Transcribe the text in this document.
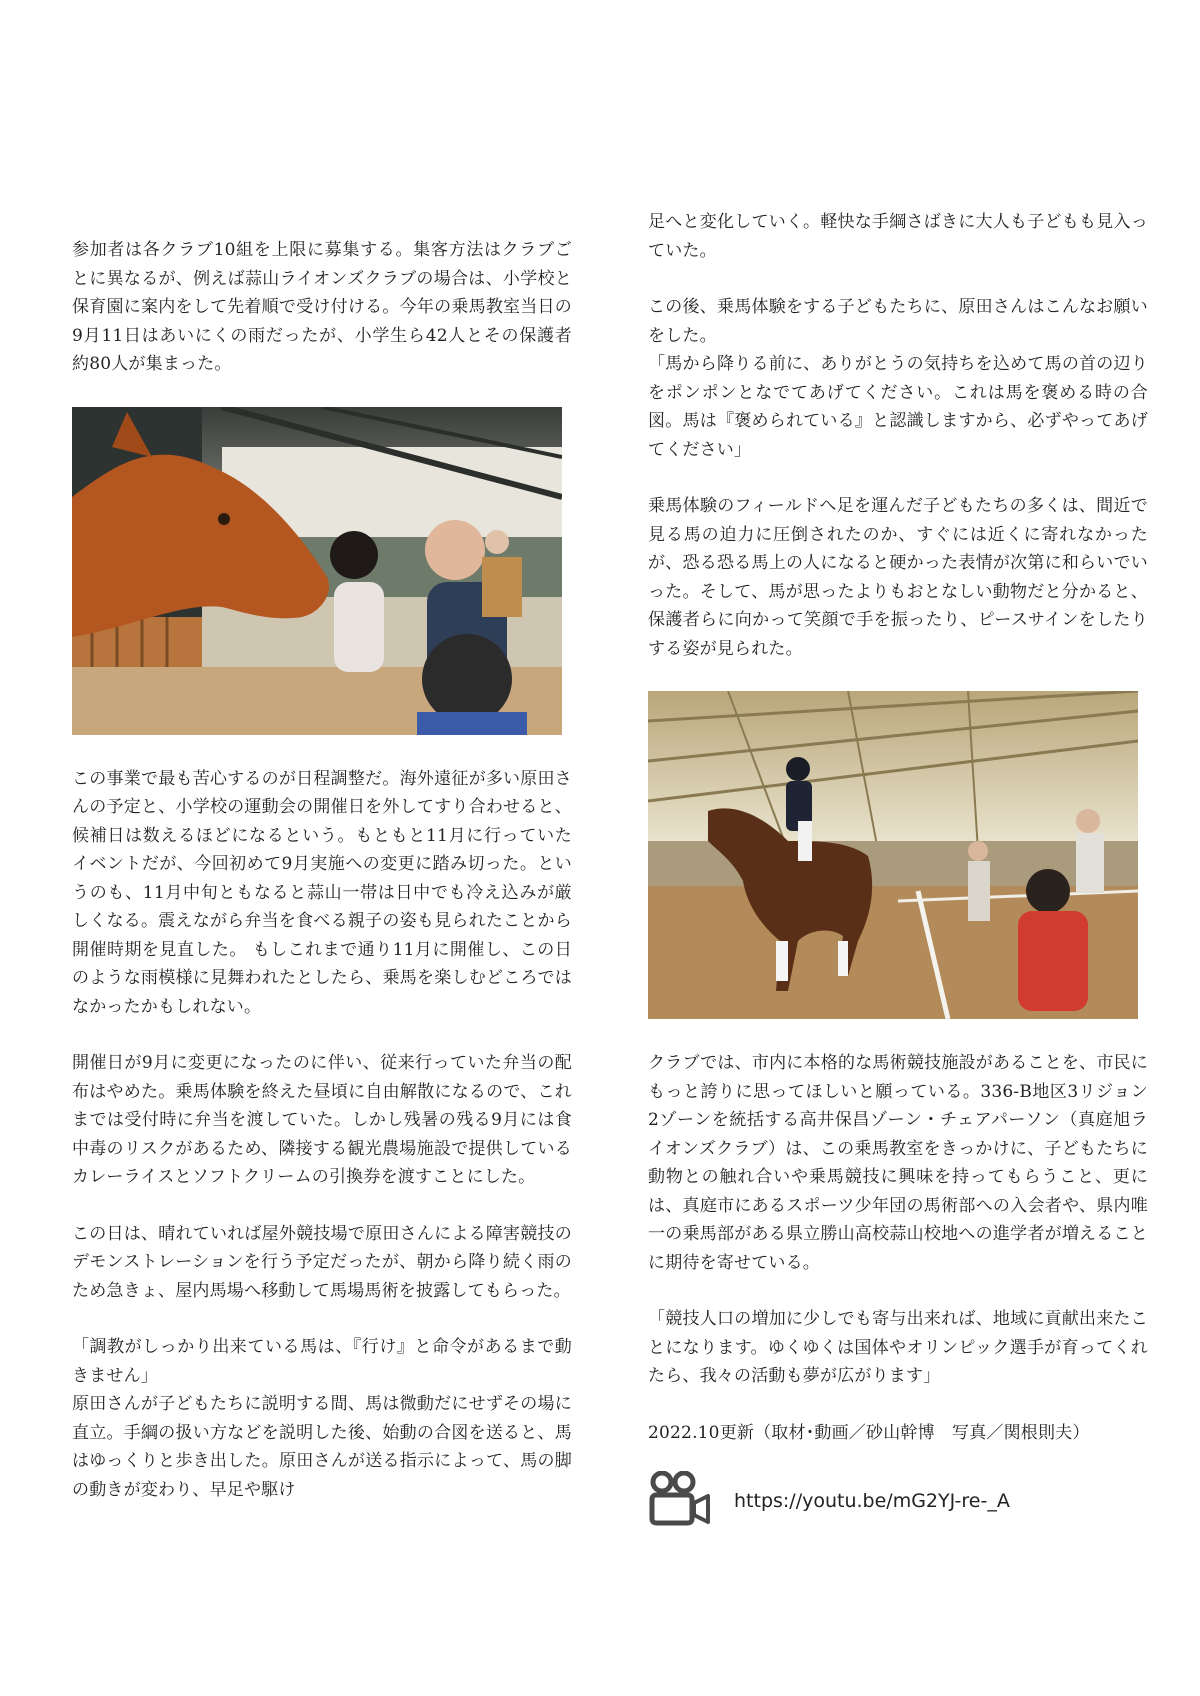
参加者は各クラブ10組を上限に募集する。集客方法はクラブごとに異なるが、例えば蒜山ライオンズクラブの場合は、小学校と保育園に案内をして先着順で受け付ける。今年の乗馬教室当日の9月11日はあいにくの雨だったが、小学生ら42人とその保護者約80人が集まった。

この事業で最も苦心するのが日程調整だ。海外遠征が多い原田さんの予定と、小学校の運動会の開催日を外してすり合わせると、候補日は数えるほどになるという。もともと11月に行っていたイベントだが、今回初めて9月実施への変更に踏み切った。というのも、11月中旬ともなると蒜山一帯は日中でも冷え込みが厳しくなる。震えながら弁当を食べる親子の姿も見られたことから開催時期を見直した。 もしこれまで通り11月に開催し、この日のような雨模様に見舞われたとしたら、乗馬を楽しむどころではなかったかもしれない。

開催日が9月に変更になったのに伴い、従来行っていた弁当の配布はやめた。乗馬体験を終えた昼頃に自由解散になるので、これまでは受付時に弁当を渡していた。しかし残暑の残る9月には食中毒のリスクがあるため、隣接する観光農場施設で提供しているカレーライスとソフトクリームの引換券を渡すことにした。

この日は、晴れていれば屋外競技場で原田さんによる障害競技のデモンストレーションを行う予定だったが、朝から降り続く雨のため急きょ、屋内馬場へ移動して馬場馬術を披露してもらった。

「調教がしっかり出来ている馬は、『行け』と命令があるまで動きません」
原田さんが子どもたちに説明する間、馬は微動だにせずその場に直立。手綱の扱い方などを説明した後、始動の合図を送ると、馬はゆっくりと歩き出した。原田さんが送る指示によって、馬の脚の動きが変わり、早足や駆け

足へと変化していく。軽快な手綱さばきに大人も子どもも見入っていた。

この後、乗馬体験をする子どもたちに、原田さんはこんなお願いをした。
「馬から降りる前に、ありがとうの気持ちを込めて馬の首の辺りをポンポンとなでてあげてください。これは馬を褒める時の合図。馬は『褒められている』と認識しますから、必ずやってあげてください」

乗馬体験のフィールドへ足を運んだ子どもたちの多くは、間近で見る馬の迫力に圧倒されたのか、すぐには近くに寄れなかったが、恐る恐る馬上の人になると硬かった表情が次第に和らいでいった。そして、馬が思ったよりもおとなしい動物だと分かると、保護者らに向かって笑顔で手を振ったり、ピースサインをしたりする姿が見られた。

クラブでは、市内に本格的な馬術競技施設があることを、市民にもっと誇りに思ってほしいと願っている。336-B地区3リジョン2ゾーンを統括する高井保昌ゾーン・チェアパーソン（真庭旭ライオンズクラブ）は、この乗馬教室をきっかけに、子どもたちに動物との触れ合いや乗馬競技に興味を持ってもらうこと、更には、真庭市にあるスポーツ少年団の馬術部への入会者や、県内唯一の乗馬部がある県立勝山高校蒜山校地への進学者が増えることに期待を寄せている。

「競技人口の増加に少しでも寄与出来れば、地域に貢献出来たことになります。ゆくゆくは国体やオリンピック選手が育ってくれたら、我々の活動も夢が広がります」

2022.10更新（取材･動画／砂山幹博　写真／関根則夫）

https://youtu.be/mG2YJ-re-_A
